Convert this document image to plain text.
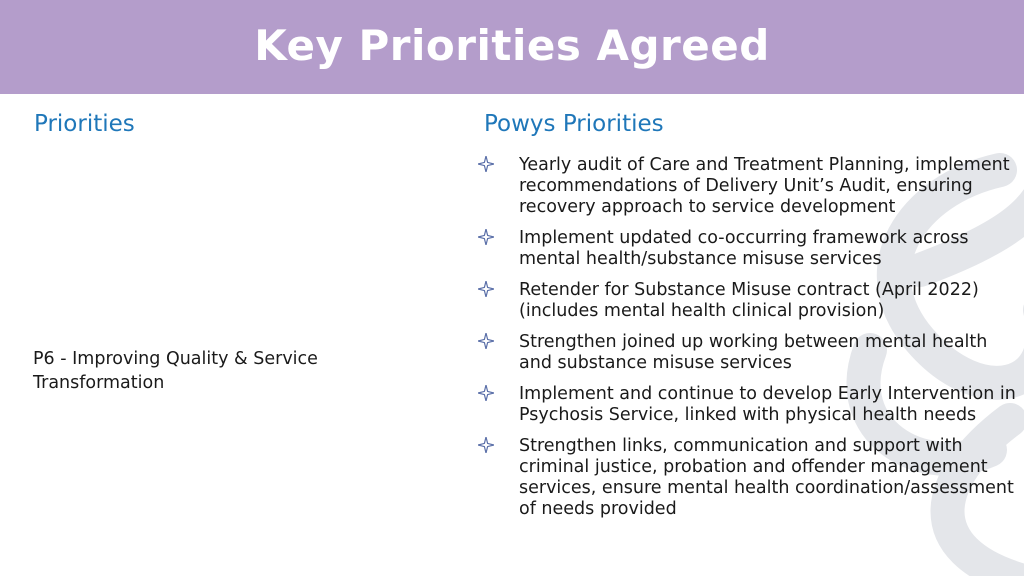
Key Priorities Agreed
Priorities	Powys Priorities
P6 - Improving Quality & Service Transformation
Yearly audit of Care and Treatment Planning, implement recommendations of Delivery Unit’s Audit, ensuring recovery approach to service development
Implement updated co-occurring framework across mental health/substance misuse services
Retender for Substance Misuse contract (April 2022) (includes mental health clinical provision)
Strengthen joined up working between mental health and substance misuse services
Implement and continue to develop Early Intervention in Psychosis Service, linked with physical health needs
Strengthen links, communication and support with criminal justice, probation and offender management services, ensure mental health coordination/assessment of needs provided
